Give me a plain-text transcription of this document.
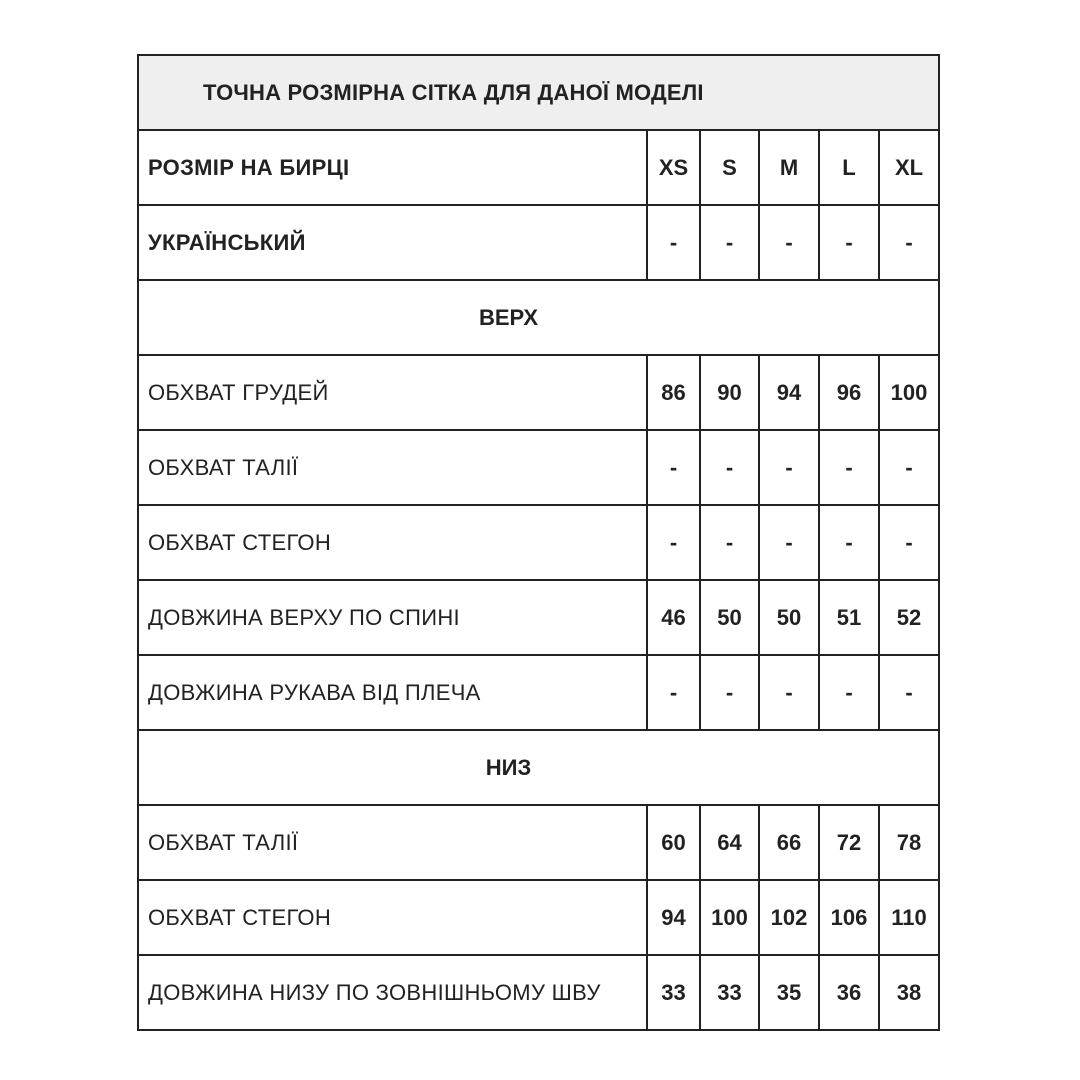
ТОЧНА РОЗМІРНА СІТКА ДЛЯ ДАНОЇ МОДЕЛІ					
РОЗМІР НА БИРЦІ	XS	S	M	L	XL
УКРАЇНСЬКИЙ	-	-	-	-	-
ВЕРХ					
ОБХВАТ ГРУДЕЙ	86	90	94	96	100
ОБХВАТ ТАЛІЇ	-	-	-	-	-
ОБХВАТ СТЕГОН	-	-	-	-	-
ДОВЖИНА ВЕРХУ ПО СПИНІ	46	50	50	51	52
ДОВЖИНА РУКАВА ВІД ПЛЕЧА	-	-	-	-	-
НИЗ					
ОБХВАТ ТАЛІЇ	60	64	66	72	78
ОБХВАТ СТЕГОН	94	100	102	106	110
ДОВЖИНА НИЗУ ПО ЗОВНІШНЬОМУ ШВУ	33	33	35	36	38
